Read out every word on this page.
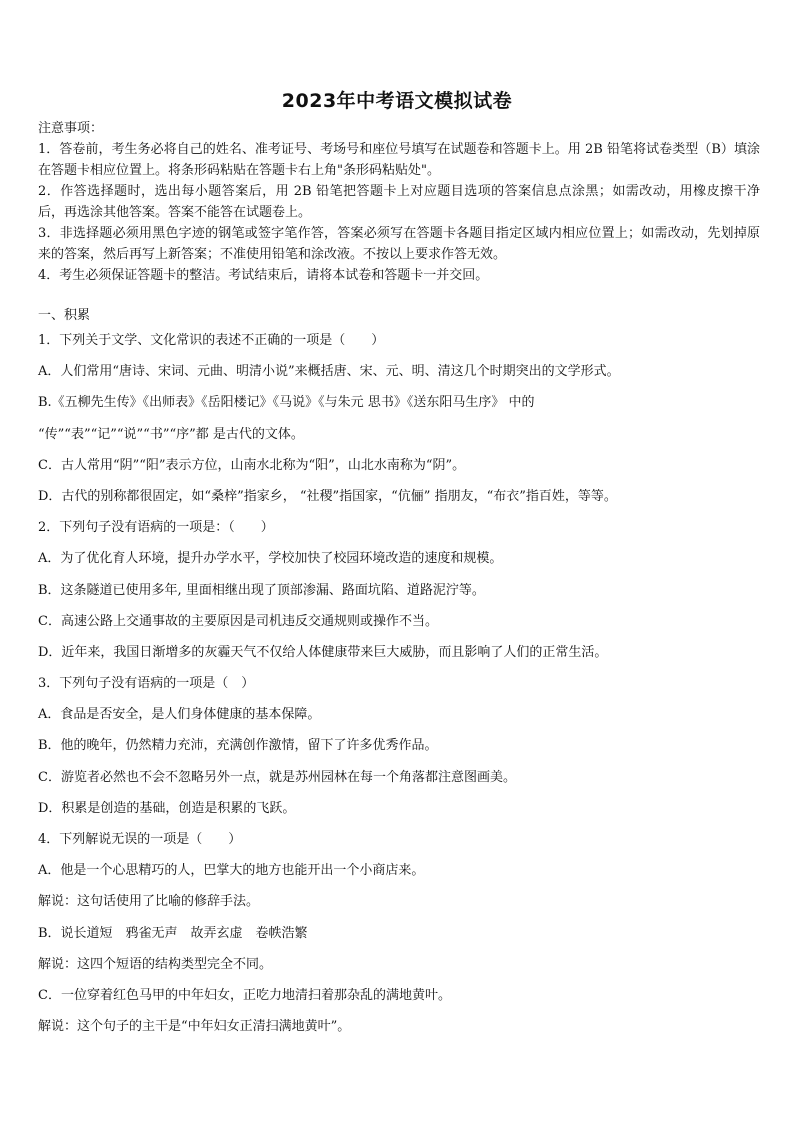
2023年中考语文模拟试卷

注意事项：

1．答卷前，考生务必将自己的姓名、准考证号、考场号和座位号填写在试题卷和答题卡上。用 2B 铅笔将试卷类型（B）填涂在答题卡相应位置上。将条形码粘贴在答题卡右上角"条形码粘贴处"。

2．作答选择题时，选出每小题答案后，用 2B 铅笔把答题卡上对应题目选项的答案信息点涂黑；如需改动，用橡皮擦干净后，再选涂其他答案。答案不能答在试题卷上。

3．非选择题必须用黑色字迹的钢笔或签字笔作答，答案必须写在答题卡各题目指定区域内相应位置上；如需改动，先划掉原来的答案，然后再写上新答案；不准使用铅笔和涂改液。不按以上要求作答无效。

4．考生必须保证答题卡的整洁。考试结束后，请将本试卷和答题卡一并交回。

一、积累
1．下列关于文学、文化常识的表述不正确的一项是（　　）
A．人们常用“唐诗、宋词、元曲、明清小说”来概括唐、宋、元、明、清这几个时期突出的文学形式。
B.《五柳先生传》《出师表》《岳阳楼记》《马说》《与朱元 思书》《送东阳马生序》 中的
“传”“表”“记”“说”“书”“序”都 是古代的文体。
C．古人常用“阴”“阳”表示方位，山南水北称为“阳”，山北水南称为“阴”。
D．古代的别称都很固定，如“桑梓”指家乡， “社稷”指国家，“伉俪” 指朋友，“布衣”指百姓，等等。
2．下列句子没有语病的一项是：（　　）
A．为了优化育人环境，提升办学水平，学校加快了校园环境改造的速度和规模。
B．这条隧道已使用多年, 里面相继出现了顶部渗漏、路面坑陷、道路泥泞等。
C．高速公路上交通事故的主要原因是司机违反交通规则或操作不当。
D．近年来，我国日渐增多的灰霾天气不仅给人体健康带来巨大威胁，而且影响了人们的正常生活。
3．下列句子没有语病的一项是（　）
A．食品是否安全，是人们身体健康的基本保障。
B．他的晚年，仍然精力充沛，充满创作激情，留下了许多优秀作品。
C．游览者必然也不会不忽略另外一点，就是苏州园林在每一个角落都注意图画美。
D．积累是创造的基础，创造是积累的飞跃。
4．下列解说无误的一项是（　　）
A．他是一个心思精巧的人，巴掌大的地方也能开出一个小商店来。
解说：这句话使用了比喻的修辞手法。
B．说长道短　鸦雀无声　故弄玄虚　卷帙浩繁
解说：这四个短语的结构类型完全不同。
C．一位穿着红色马甲的中年妇女，正吃力地清扫着那杂乱的满地黄叶。
解说：这个句子的主干是“中年妇女正清扫满地黄叶”。
